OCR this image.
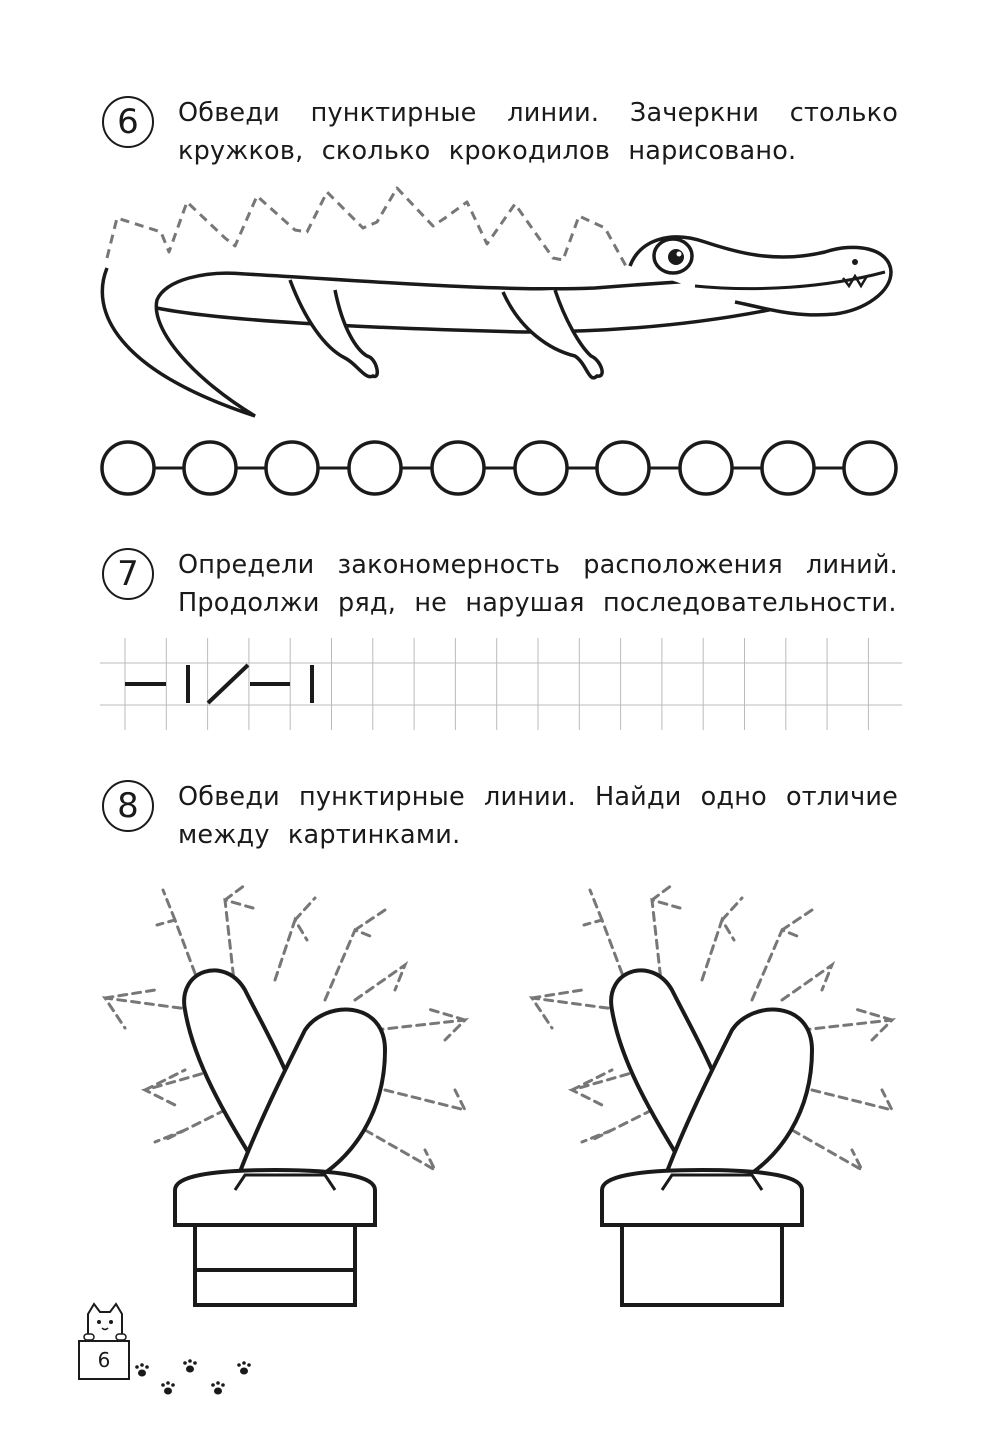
6	Обведи пунктирные линии. Зачеркни столько
кружков, сколько крокодилов нарисовано.
7	Определи закономерность расположения линий.
Продолжи ряд, не нарушая последовательности.
8	Обведи пунктирные линии. Найди одно отличие
между картинками.
6
